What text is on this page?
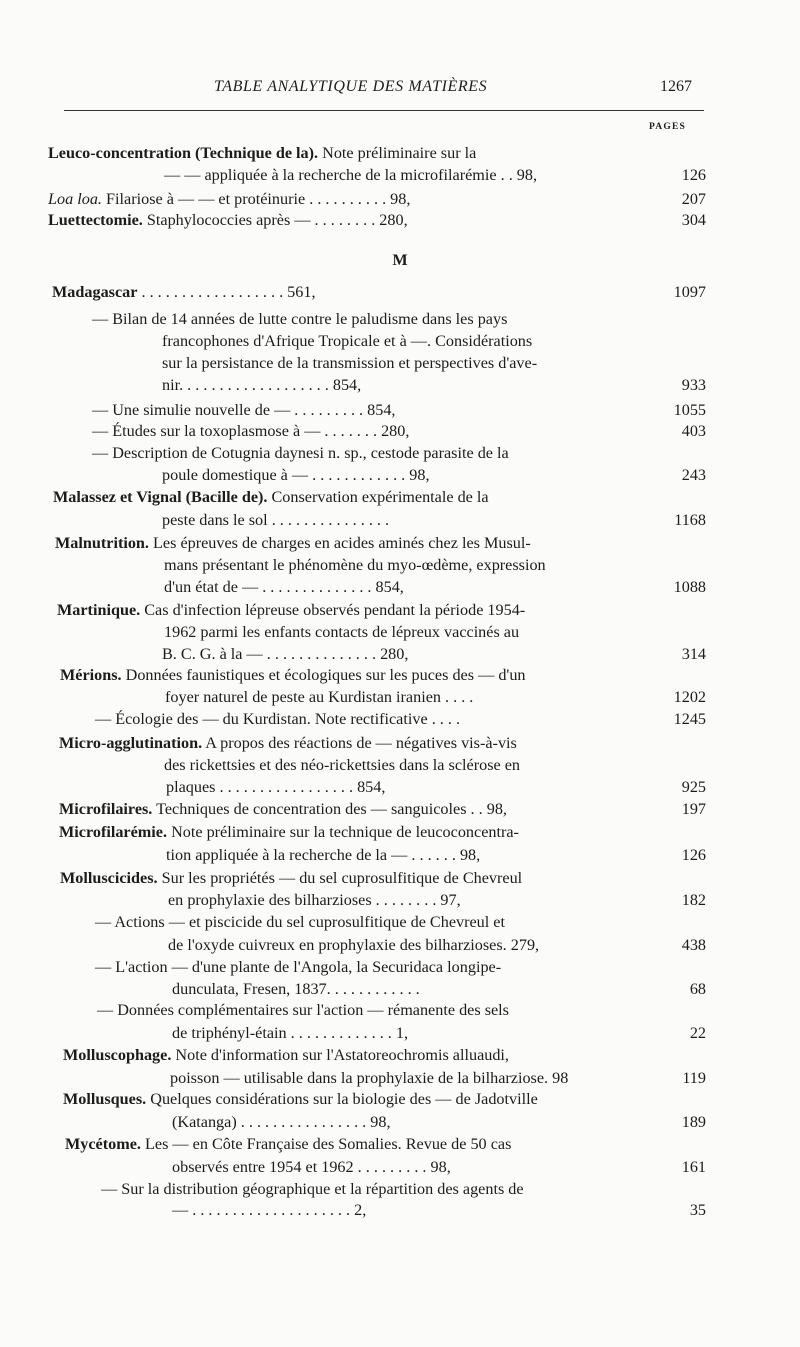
TABLE ANALYTIQUE DES MATIÈRES	1267
PAGES
M
Leuco-concentration (Technique de la). Note préliminaire sur la
— — appliquée à la recherche de la microfilarémie . . 98,	126
Loa loa. Filariose à — — et protéinurie . . . . . . . . . . 98,	207
Luettectomie. Staphylococcies après — . . . . . . . . 280,	304
Madagascar . . . . . . . . . . . . . . . . . . 561,	1097
— Bilan de 14 années de lutte contre le paludisme dans les pays
francophones d'Afrique Tropicale et à —. Considérations
sur la persistance de la transmission et perspectives d'ave-
nir. . . . . . . . . . . . . . . . . . . 854,	933
— Une simulie nouvelle de — . . . . . . . . . 854,	1055
— Études sur la toxoplasmose à — . . . . . . . 280,	403
— Description de Cotugnia daynesi n. sp., cestode parasite de la
poule domestique à — . . . . . . . . . . . . 98,	243
Malassez et Vignal (Bacille de). Conservation expérimentale de la
peste dans le sol . . . . . . . . . . . . . . .	1168
Malnutrition. Les épreuves de charges en acides aminés chez les Musul-
mans présentant le phénomène du myo-œdème, expression
d'un état de — . . . . . . . . . . . . . . 854,	1088
Martinique. Cas d'infection lépreuse observés pendant la période 1954-
1962 parmi les enfants contacts de lépreux vaccinés au
B. C. G. à la — . . . . . . . . . . . . . . 280,	314
Mérions. Données faunistiques et écologiques sur les puces des — d'un
foyer naturel de peste au Kurdistan iranien . . . .	1202
— Écologie des — du Kurdistan. Note rectificative . . . .	1245
Micro-agglutination. A propos des réactions de — négatives vis-à-vis
des rickettsies et des néo-rickettsies dans la sclérose en
plaques . . . . . . . . . . . . . . . . . 854,	925
Microfilaires. Techniques de concentration des — sanguicoles . . 98,	197
Microfilarémie. Note préliminaire sur la technique de leucoconcentra-
tion appliquée à la recherche de la — . . . . . . 98,	126
Molluscicides. Sur les propriétés — du sel cuprosulfitique de Chevreul
en prophylaxie des bilharzioses . . . . . . . . 97,	182
— Actions — et piscicide du sel cuprosulfitique de Chevreul et
de l'oxyde cuivreux en prophylaxie des bilharzioses. 279,	438
— L'action — d'une plante de l'Angola, la Securidaca longipe-
dunculata, Fresen, 1837. . . . . . . . . . . .	68
— Données complémentaires sur l'action — rémanente des sels
de triphényl-étain . . . . . . . . . . . . . 1,	22
Molluscophage. Note d'information sur l'Astatoreochromis alluaudi,
poisson — utilisable dans la prophylaxie de la bilharziose. 98	119
Mollusques. Quelques considérations sur la biologie des — de Jadotville
(Katanga) . . . . . . . . . . . . . . . . 98,	189
Mycétome. Les — en Côte Française des Somalies. Revue de 50 cas
observés entre 1954 et 1962 . . . . . . . . . 98,	161
— Sur la distribution géographique et la répartition des agents de
— . . . . . . . . . . . . . . . . . . . . 2,	35
